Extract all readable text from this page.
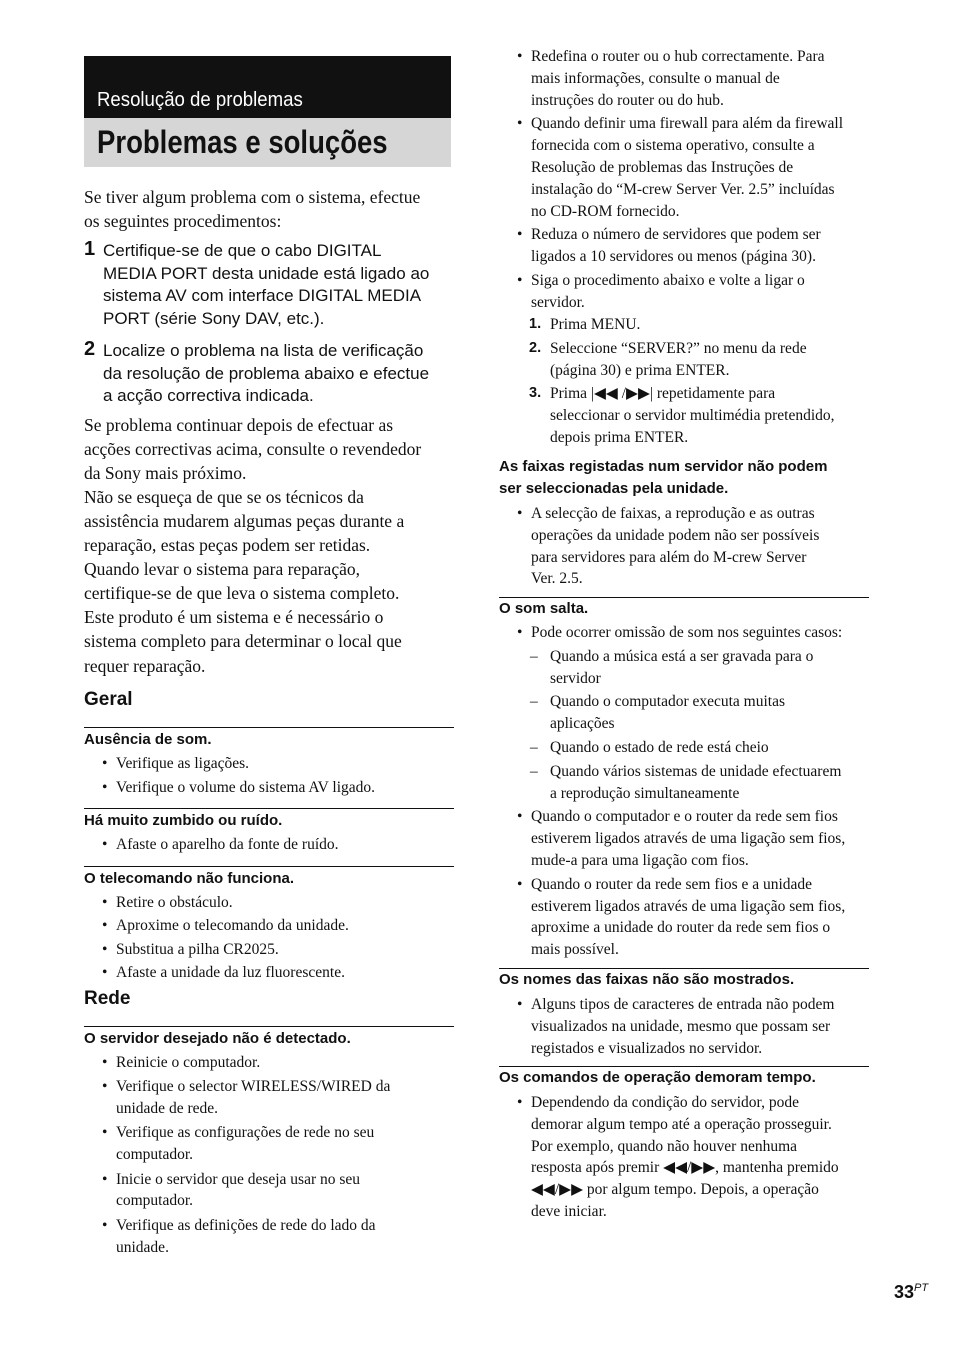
Resolução de problemas
Problemas e soluções
Se tiver algum problema com o sistema, efectue
os seguintes procedimentos:
1 Certifique-se de que o cabo DIGITAL
MEDIA PORT desta unidade está ligado ao
sistema AV com interface DIGITAL MEDIA
PORT (série Sony DAV, etc.).
2 Localize o problema na lista de verificação
da resolução de problema abaixo e efectue
a acção correctiva indicada.
Se problema continuar depois de efectuar as
acções correctivas acima, consulte o revendedor
da Sony mais próximo.
Não se esqueça de que se os técnicos da
assistência mudarem algumas peças durante a
reparação, estas peças podem ser retidas.
Quando levar o sistema para reparação,
certifique-se de que leva o sistema completo.
Este produto é um sistema e é necessário o
sistema completo para determinar o local que
requer reparação.
Geral
Ausência de som.
• Verifique as ligações.
• Verifique o volume do sistema AV ligado.
Há muito zumbido ou ruído.
• Afaste o aparelho da fonte de ruído.
O telecomando não funciona.
• Retire o obstáculo.
• Aproxime o telecomando da unidade.
• Substitua a pilha CR2025.
• Afaste a unidade da luz fluorescente.
Rede
O servidor desejado não é detectado.
• Reinicie o computador.
• Verifique o selector WIRELESS/WIRED da
unidade de rede.
• Verifique as configurações de rede no seu
computador.
• Inicie o servidor que deseja usar no seu
computador.
• Verifique as definições de rede do lado da
unidade.
• Redefina o router ou o hub correctamente. Para
mais informações, consulte o manual de
instruções do router ou do hub.
• Quando definir uma firewall para além da firewall
fornecida com o sistema operativo, consulte a
Resolução de problemas das Instruções de
instalação do “M-crew Server Ver. 2.5” incluídas
no CD-ROM fornecido.
• Reduza o número de servidores que podem ser
ligados a 10 servidores ou menos (página 30).
• Siga o procedimento abaixo e volte a ligar o
servidor.
1. Prima MENU.
2. Seleccione “SERVER?” no menu da rede
(página 30) e prima ENTER.
3. Prima |◀◀ /▶▶| repetidamente para
seleccionar o servidor multimédia pretendido,
depois prima ENTER.
As faixas registadas num servidor não podem
ser seleccionadas pela unidade.
• A selecção de faixas, a reprodução e as outras
operações da unidade podem não ser possíveis
para servidores para além do M-crew Server
Ver. 2.5.
O som salta.
• Pode ocorrer omissão de som nos seguintes casos:
– Quando a música está a ser gravada para o
servidor
– Quando o computador executa muitas
aplicações
– Quando o estado de rede está cheio
– Quando vários sistemas de unidade efectuarem
a reprodução simultaneamente
• Quando o computador e o router da rede sem fios
estiverem ligados através de uma ligação sem fios,
mude-a para uma ligação com fios.
• Quando o router da rede sem fios e a unidade
estiverem ligados através de uma ligação sem fios,
aproxime a unidade do router da rede sem fios o
mais possível.
Os nomes das faixas não são mostrados.
• Alguns tipos de caracteres de entrada não podem
visualizados na unidade, mesmo que possam ser
registados e visualizados no servidor.
Os comandos de operação demoram tempo.
• Dependendo da condição do servidor, pode
demorar algum tempo até a operação prosseguir.
Por exemplo, quando não houver nenhuma
resposta após premir ◀◀/▶▶, mantenha premido
◀◀/▶▶ por algum tempo. Depois, a operação
deve iniciar.
$33^{PT}$
